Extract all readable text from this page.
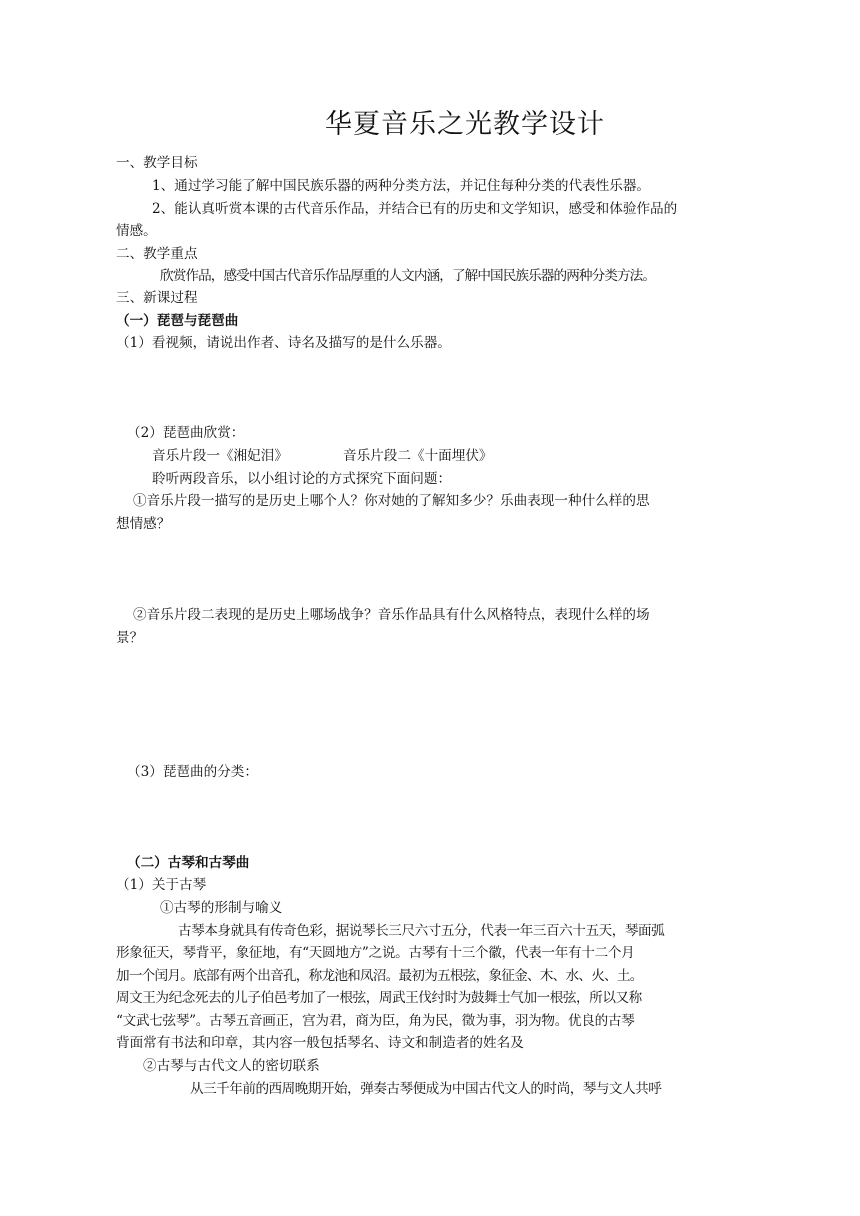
华夏音乐之光教学设计
一、教学目标
1、通过学习能了解中国民族乐器的两种分类方法，并记住每种分类的代表性乐器。
2、能认真听赏本课的古代音乐作品，并结合已有的历史和文学知识，感受和体验作品的
情感。
二、教学重点
欣赏作品，感受中国古代音乐作品厚重的人文内涵，了解中国民族乐器的两种分类方法。
三、新课过程
（一）琵琶与琵琶曲
（1）看视频，请说出作者、诗名及描写的是什么乐器。
（2）琵琶曲欣赏：
音乐片段一《湘妃泪》	音乐片段二《十面埋伏》
聆听两段音乐，以小组讨论的方式探究下面问题：
①音乐片段一描写的是历史上哪个人？你对她的了解知多少？乐曲表现一种什么样的思
想情感？
②音乐片段二表现的是历史上哪场战争？音乐作品具有什么风格特点，表现什么样的场
景？
（3）琵琶曲的分类：
（二）古琴和古琴曲
（1）关于古琴
①古琴的形制与喻义
古琴本身就具有传奇色彩，据说琴长三尺六寸五分，代表一年三百六十五天，琴面弧
形象征天，琴背平，象征地，有“天圆地方”之说。古琴有十三个徽，代表一年有十二个月
加一个闰月。底部有两个出音孔，称龙池和凤沼。最初为五根弦，象征金、木、水、火、土。
周文王为纪念死去的儿子伯邑考加了一根弦，周武王伐纣时为鼓舞士气加一根弦，所以又称
“文武七弦琴”。古琴五音画正，宫为君，商为臣，角为民，徵为事，羽为物。优良的古琴
背面常有书法和印章，其内容一般包括琴名、诗文和制造者的姓名及
②古琴与古代文人的密切联系
从三千年前的西周晚期开始，弹奏古琴便成为中国古代文人的时尚，琴与文人共呼
